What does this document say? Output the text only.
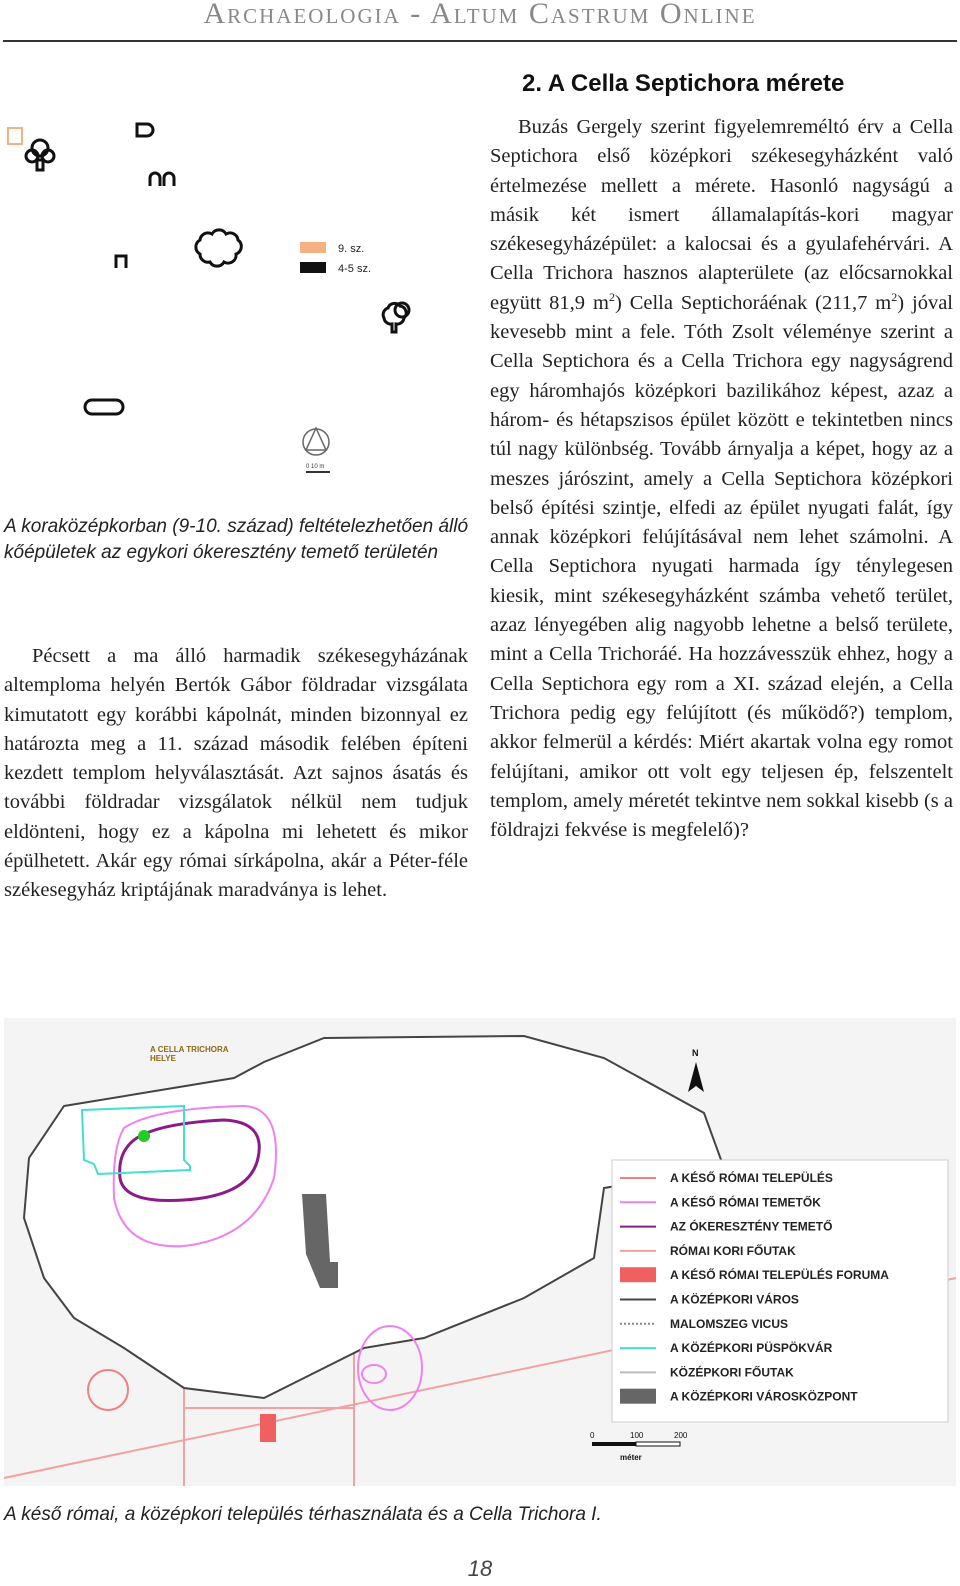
Archaeologia - Altum Castrum Online
9. sz.
4-5 sz.
0 10 m
A koraközépkorban (9-10. század) feltételezhetően álló kőépületek az egykori ókeresztény temető területén
Pécsett a ma álló harmadik székesegyházának altemploma helyén Bertók Gábor földradar vizsgálata kimutatott egy korábbi kápolnát, minden bizonnyal ez határozta meg a 11. század második felében építeni kezdett templom helyválasztását. Azt sajnos ásatás és további földradar vizsgálatok nélkül nem tudjuk eldönteni, hogy ez a kápolna mi lehetett és mikor épülhetett. Akár egy római sírkápolna, akár a Péter-féle székesegyház kriptájának maradványa is lehet.
2. A Cella Septichora mérete
Buzás Gergely szerint figyelemreméltó érv a Cella Septichora első középkori székesegyházként való értelmezése mellett a mérete. Hasonló nagyságú a másik két ismert államalapítás-kori magyar székesegyházépület: a kalocsai és a gyulafehérvári. A Cella Trichora hasznos alapterülete (az előcsarnokkal együtt 81,9 $m^2$) Cella Septichoráénak (211,7 $m^2$) jóval kevesebb mint a fele. Tóth Zsolt véleménye szerint a Cella Septichora és a Cella Trichora egy nagyságrend egy háromhajós középkori bazilikához képest, azaz a három- és hétapszisos épület között e tekintetben nincs túl nagy különbség. Tovább árnyalja a képet, hogy az a meszes járószint, amely a Cella Septichora középkori belső építési szintje, elfedi az épület nyugati falát, így annak középkori felújításával nem lehet számolni. A Cella Septichora nyugati harmada így ténylegesen kiesik, mint székesegyházként számba vehető terület, azaz lényegében alig nagyobb lehetne a belső területe, mint a Cella Trichoráé. Ha hozzávesszük ehhez, hogy a Cella Septichora egy rom a XI. század elején, a Cella Trichora pedig egy felújított (és működő?) templom, akkor felmerül a kérdés: Miért akartak volna egy romot felújítani, amikor ott volt egy teljesen ép, felszentelt templom, amely méretét tekintve nem sokkal kisebb (s a földrajzi fekvése is megfelelő)?
A CELLA TRICHORA
HELYE
N
A KÉSŐ RÓMAI TELEPÜLÉS
A KÉSŐ RÓMAI TEMETŐK
AZ ÓKERESZTÉNY TEMETŐ
RÓMAI KORI FŐUTAK
A KÉSŐ RÓMAI TELEPÜLÉS FORUMA
A KÖZÉPKORI VÁROS
MALOMSZEG VICUS
A KÖZÉPKORI PÜSPÖKVÁR
KÖZÉPKORI FŐUTAK
A KÖZÉPKORI VÁROSKÖZPONT
0	100	200
méter
A késő római, a középkori település térhasználata és a Cella Trichora I.
18
